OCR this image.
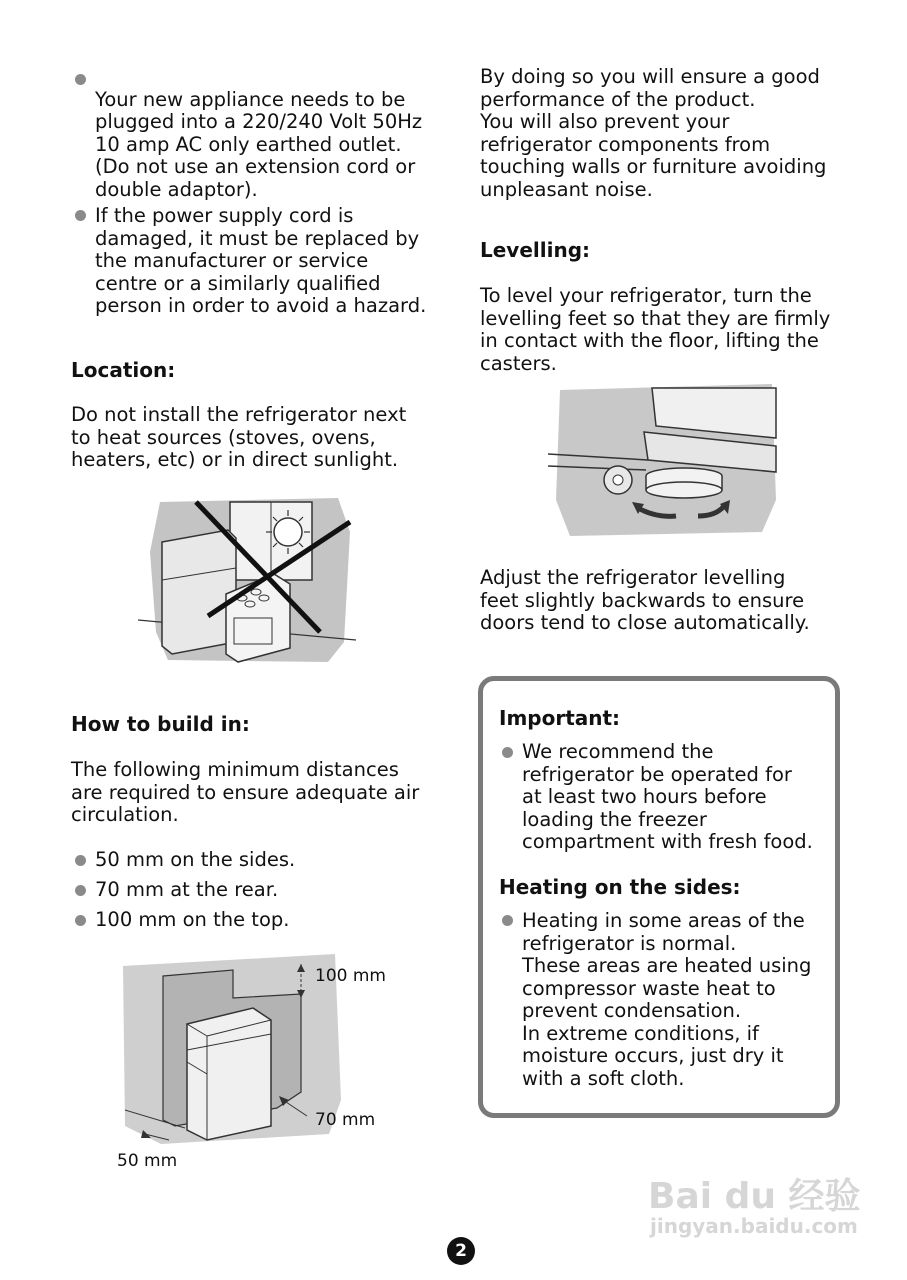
Your new appliance needs to be
plugged into a 220/240 Volt 50Hz
10 amp AC only earthed outlet.
(Do not use an extension cord or
double adaptor).

If the power supply cord is
damaged, it must be replaced by
the manufacturer or service
centre or a similarly qualified
person in order to avoid a hazard.

Location:

Do not install the refrigerator next
to heat sources (stoves, ovens,
heaters, etc) or in direct sunlight.

How to build in:

The following minimum distances
are required to ensure adequate air
circulation.

50 mm on the sides.

70 mm at the rear.

100 mm on the top.

100 mm
70 mm
50 mm

By doing so you will ensure a good
performance of the product.
You will also prevent your
refrigerator components from
touching walls or furniture avoiding
unpleasant noise.

Levelling:

To level your refrigerator, turn the
levelling feet so that they are firmly
in contact with the floor, lifting the
casters.

Adjust the refrigerator levelling
feet slightly backwards to ensure
doors tend to close automatically.

Important:

We recommend the
refrigerator be operated for
at least two hours before
loading the freezer
compartment with fresh food.

Heating on the sides:

Heating in some areas of the
refrigerator is normal.
These areas are heated using
compressor waste heat to
prevent condensation.
In extreme conditions, if
moisture occurs, just dry it
with a soft cloth.

Bai du 经验
jingyan.baidu.com
2
